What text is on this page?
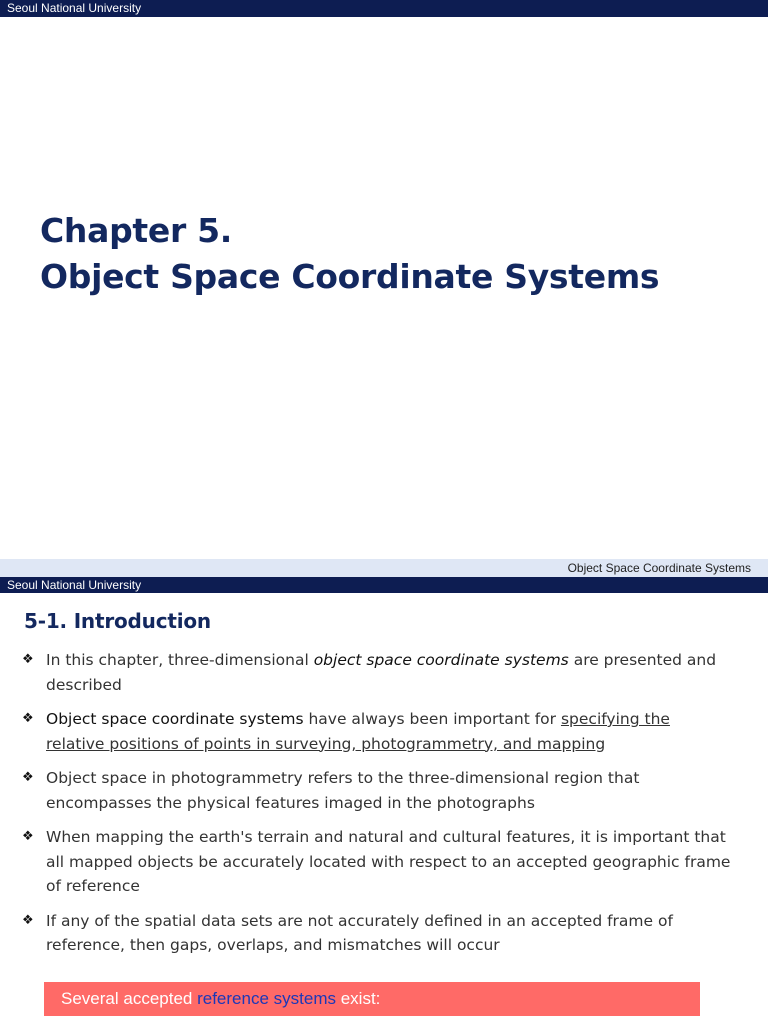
Seoul National University
Chapter 5.
Object Space Coordinate Systems
Object Space Coordinate Systems
Seoul National University
5-1. Introduction
❖ In this chapter, three-dimensional object space coordinate systems are presented and described
❖ Object space coordinate systems have always been important for specifying the relative positions of points in surveying, photogrammetry, and mapping
❖ Object space in photogrammetry refers to the three-dimensional region that encompasses the physical features imaged in the photographs
❖ When mapping the earth's terrain and natural and cultural features, it is important that all mapped objects be accurately located with respect to an accepted geographic frame of reference
❖ If any of the spatial data sets are not accurately defined in an accepted frame of reference, then gaps, overlaps, and mismatches will occur
Several accepted reference systems exist:
